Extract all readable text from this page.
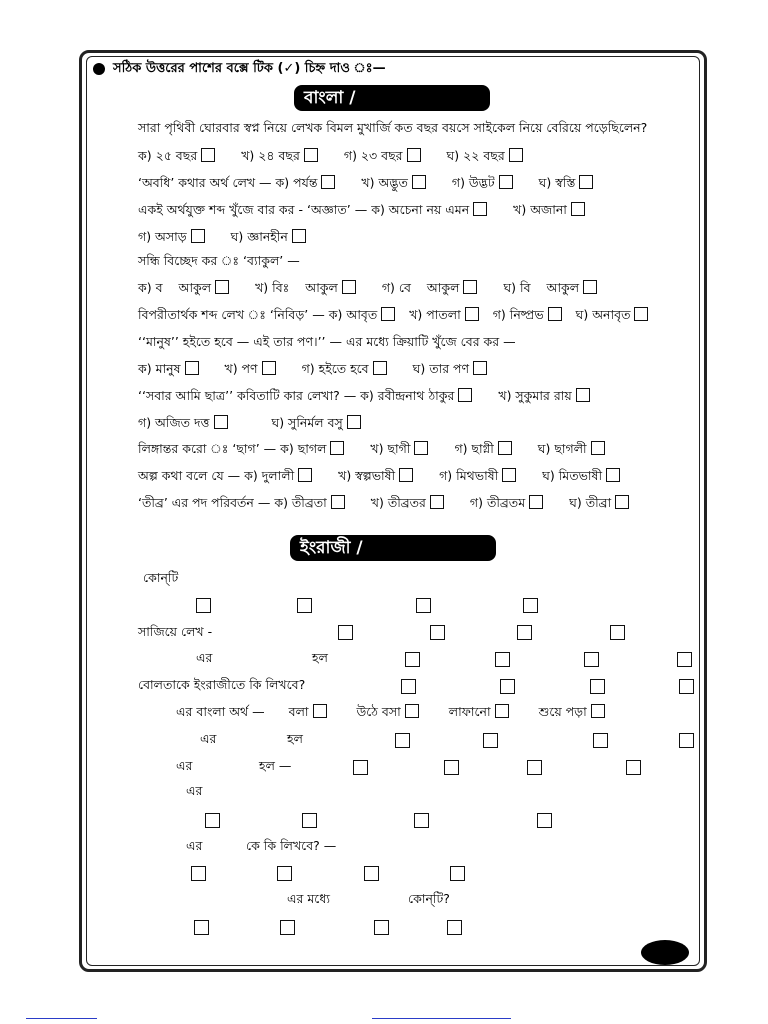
সঠিক উত্তরের পাশের বক্সে টিক (✓) চিহ্ন দাও ঃ—
বাংলা /
সারা পৃথিবী ঘোরবার স্বপ্ন নিয়ে লেখক বিমল মুখার্জি কত বছর বয়সে সাইকেল নিয়ে বেরিয়ে পড়েছিলেন?
ক) ২৫ বছর	খ) ২৪ বছর	গ) ২৩ বছর	ঘ) ২২ বছর
‘অবধি’ কথার অর্থ লেখ — ক) পর্যন্ত	খ) অদ্ভুত	গ) উদ্ভট	ঘ) স্বস্তি
একই অর্থযুক্ত শব্দ খুঁজে বার কর - ‘অজ্ঞাত’ — ক) অচেনা নয় এমন	খ) অজানা
গ) অসাড়	ঘ) জ্ঞানহীন
সন্ধি বিচ্ছেদ কর ঃ ‘ব্যাকুল’ —
ক) ব    আকুল	খ) বিঃ    আকুল	গ) বে    আকুল	ঘ) বি    আকুল
বিপরীতার্থক শব্দ লেখ ঃ ‘নিবিড়’ — ক) আবৃত	খ) পাতলা	গ) নিষ্প্রভ	ঘ) অনাবৃত
‘‘মানুষ’’ হইতে হবে — এই তার পণ।’’ — এর মধ্যে ক্রিয়াটি খুঁজে বের কর —
ক) মানুষ	খ) পণ	গ) হইতে হবে	ঘ) তার পণ
‘‘সবার আমি ছাত্র’’ কবিতাটি কার লেখা? — ক) রবীন্দ্রনাথ ঠাকুর	খ) সুকুমার রায়
গ) অজিত দত্ত	ঘ) সুনির্মল বসু
লিঙ্গান্তর করো ঃ ‘ছাগ’ — ক) ছাগল	খ) ছাগী	গ) ছাগ্নী	ঘ) ছাগলী
অল্প কথা বলে যে — ক) দুলালী	খ) স্বল্পভাষী	গ) মিথভাষী	ঘ) মিতভাষী
‘তীব্র’ এর পদ পরিবর্তন — ক) তীব্রতা	খ) তীব্রতর	গ) তীব্রতম	ঘ) তীব্রা
ইংরাজী /
কোন্‌টি
সাজিয়ে লেখ -
এর	হল
বোলতাকে ইংরাজীতে কি লিখবে?
এর বাংলা অর্থ — বলা	উঠে বসা	লাফানো	শুয়ে পড়া
এর	হল
এর	হল —
এর
এর	কে কি লিখবে? —
এর মধ্যে	কোন্‌টি?
